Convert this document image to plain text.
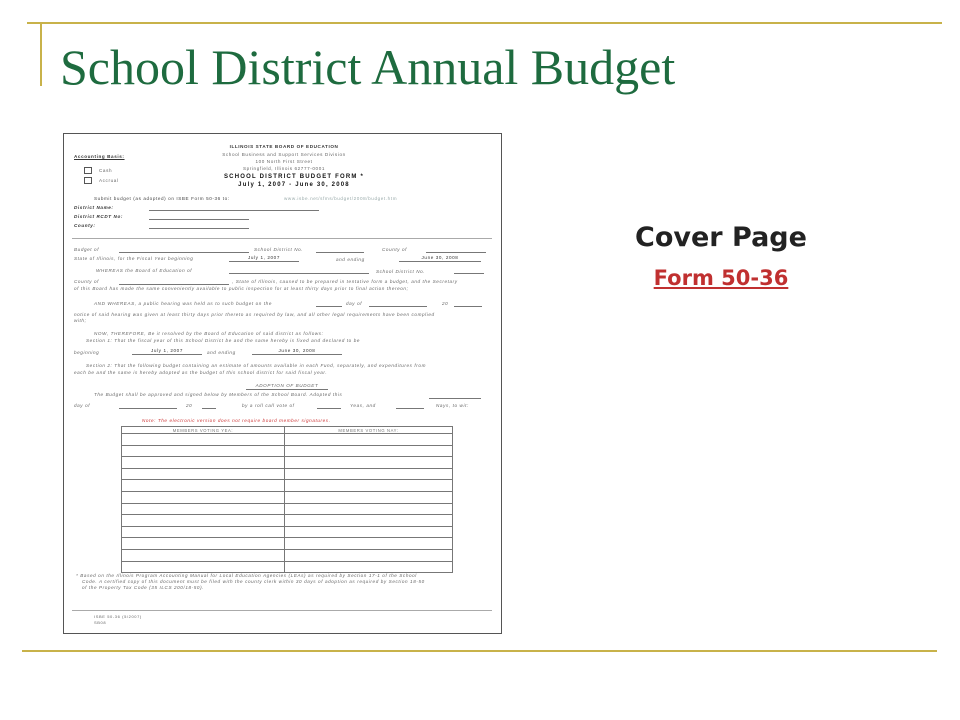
School District Annual Budget
ILLINOIS STATE BOARD OF EDUCATION
School Business and Support Services Division
100 North First Street
Springfield, Illinois 62777-0001
Accounting Basis:
Cash
Accrual
SCHOOL DISTRICT BUDGET FORM *
July 1, 2007 - June 30, 2008
Submit budget (as adopted) on ISBE Form 50-36 to:	www.isbe.net/sfms/budget/2008/budget.htm
District Name:
District RCDT No:
County:
Budget of	School District No.	County of
State of Illinois, for the Fiscal Year beginning	July 1, 2007	and ending	June 30, 2008
WHEREAS the Board of Education of	School District No.
County of	, State of Illinois, caused to be prepared in tentative form a budget, and the Secretary
of this Board has made the same conveniently available to public inspection for at least thirty days prior to final action thereon;
AND WHEREAS, a public hearing was held as to such budget on the	day of	20
notice of said hearing was given at least thirty days prior thereto as required by law, and all other legal requirements have been complied
with;
NOW, THEREFORE, Be it resolved by the Board of Education of said district as follows:
Section 1: That the fiscal year of this School District be and the same hereby is fixed and declared to be
beginning	July 1, 2007	and ending	June 30, 2008
Section 2: That the following budget containing an estimate of amounts available in each Fund, separately, and expenditures from
each be and the same is hereby adopted as the budget of this school district for said fiscal year.
ADOPTION OF BUDGET
The Budget shall be approved and signed below by Members of the School Board. Adopted this
day of	20	by a roll call vote of	Yeas, and	Nays, to wit:
Note: The electronic version does not require board member signatures.
MEMBERS VOTING YEA:	MEMBERS VOTING NAY:

* Based on the Illinois Program Accounting Manual for Local Education Agencies (LEAs) as required by Section 17-1 of the School
Code. A certified copy of this document must be filed with the county clerk within 30 days of adoption as required by Section 18-50
of the Property Tax Code (35 ILCS 200/18-50).
ISBE 50-36 (5/2007)
SB08
Cover Page
Form 50-36
